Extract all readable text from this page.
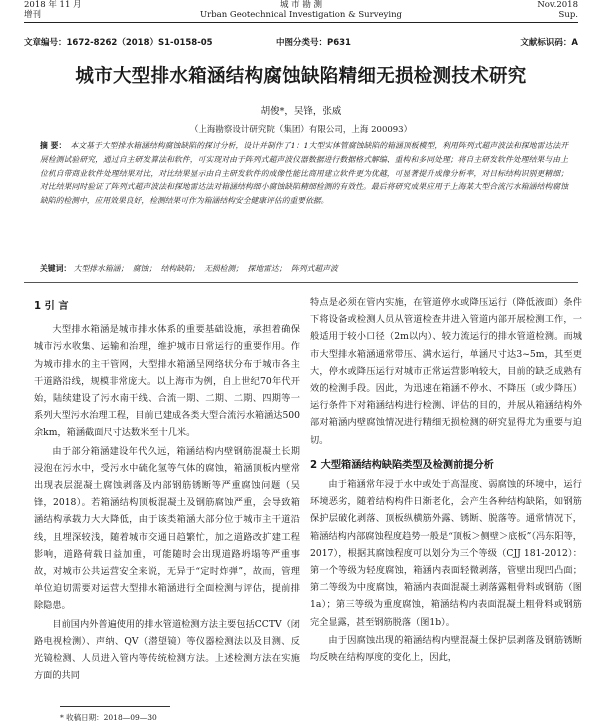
2018 年 11 月
增刊
城 市 勘 测
Urban Geotechnical Investigation & Surveying
Nov.2018
Sup.
文章编号：1672-8262（2018）S1-0158-05	中图分类号：P631	文献标识码：A
城市大型排水箱涵结构腐蚀缺陷精细无损检测技术研究
胡俊*，吴锋，张威
（上海勘察设计研究院（集团）有限公司，上海 200093）
摘 要： 本文基于大型排水箱涵结构腐蚀缺陷的探讨分析，设计并制作了1：1大型实体管腐蚀缺陷的箱涵顶板模型，利用阵列式超声波法和探地雷达法开展检测试验研究，通过自主研发算法和软件，可实现对由于阵列式超声波仪器数据进行数据格式解编、重构和多同处理；将自主研发软件处理结果与由上位机自带商业软件处理结果对比，对比结果显示由自主研发软件的成像性能比商用建立软件更为优越，可显著提升成像分析率，对目标结构识别更精细；对比结果同时验证了阵列式超声波法和探地雷达法对箱涵结构细小腐蚀缺陷精细检测的有效性。最后将研究成果应用于上海某大型合流污水箱涵结构腐蚀缺陷的检测中，应用效果良好，检测结果可作为箱涵结构安全健康评估的重要依据。
关键词： 大型排水箱涵； 腐蚀； 结构缺陷； 无损检测； 探地雷达； 阵列式超声波
1 引 言

大型排水箱涵是城市排水体系的重要基础设施，承担着确保城市污水收集、运输和治理，维护城市日常运行的重要作用。作为城市排水的主干管网，大型排水箱涵呈网络状分布于城市各主干道路沿线，规模非常庞大。以上海市为例，自上世纪70年代开始，陆续建设了污水南干线、合流一期、二期、二期、四期等一系列大型污水治理工程，目前已建成各类大型合流污水箱涵达500余km，箱涵截面尺寸达数米至十几米。

由于部分箱涵建设年代久远，箱涵结构内壁钢筋混凝土长期浸泡在污水中，受污水中硫化氢等气体的腐蚀，箱涵顶板内壁常出现表层混凝土腐蚀剥落及内部钢筋锈断等严重腐蚀问题（吴锋，2018）。若箱涵结构顶板混凝土及钢筋腐蚀严重，会导致箱涵结构承载力大大降低，由于该类箱涵大部分位于城市主干道沿线，且埋深较浅，随着城市交通日趋繁忙，加之道路改扩建工程影响，道路荷载日益加重，可能随时会出现道路坍塌等严重事故，对城市公共运营安全来说，无异于“定时炸弹”，故而，管理单位迫切需要对运营大型排水箱涵进行全面检测与评估，提前排除隐患。

目前国内外普遍使用的排水管道检测方法主要包括CCTV（闭路电视检测）、声纳、QV（潜望镜）等仪器检测法以及目测、反光镜检测、人员进入管内等传统检测方法。上述检测方法在实施方面的共同

特点是必须在管内实施，在管道停水或降压运行（降低液面）条件下将设备或检测人员从管道检查井进入管道内部开展检测工作，一般适用于较小口径（2m以内）、较力流运行的排水管道检测。而城市大型排水箱涵通常带压、满水运行，单涵尺寸达3~5m，其至更大，停水或降压运行对城市正常运营影响较大，目前的缺乏成熟有效的检测手段。因此，为迅速在箱涵不停水、不降压（或少降压）运行条件下对箱涵结构进行检测、评估的目的，并展从箱涵结构外部对箱涵内壁腐蚀情况进行精细无损检测的研究显得尤为重要与迫切。

2 大型箱涵结构缺陷类型及检测前提分析

由于箱涵常年浸于水中或处于高湿度、弱腐蚀的环境中，运行环境恶劣，随着结构构件日渐老化，会产生各种结构缺陷，如钢筋保护层破化剥落、顶板纵横筋外露、锈断、脱落等。通常情况下，箱涵结构内部腐蚀程度趋势一般是“顶板＞侧壁＞底板”（冯东阳等，2017），根据其腐蚀程度可以划分为三个等级（CJJ 181-2012）：第一个等级为轻度腐蚀，箱涵内表面轻微剥落，管壁出现凹凸面；第二等级为中度腐蚀，箱涵内表面混凝土剥落露粗骨料或钢筋（图1a）；第三等级为重度腐蚀，箱涵结构内表面混凝土粗骨料或钢筋完全显露，甚至钢筋脱落（图1b）。

由于因腐蚀出现的箱涵结构内壁混凝土保护层剥落及钢筋锈断均反映在结构厚度的变化上，因此，

* 收稿日期：2018—09—30
